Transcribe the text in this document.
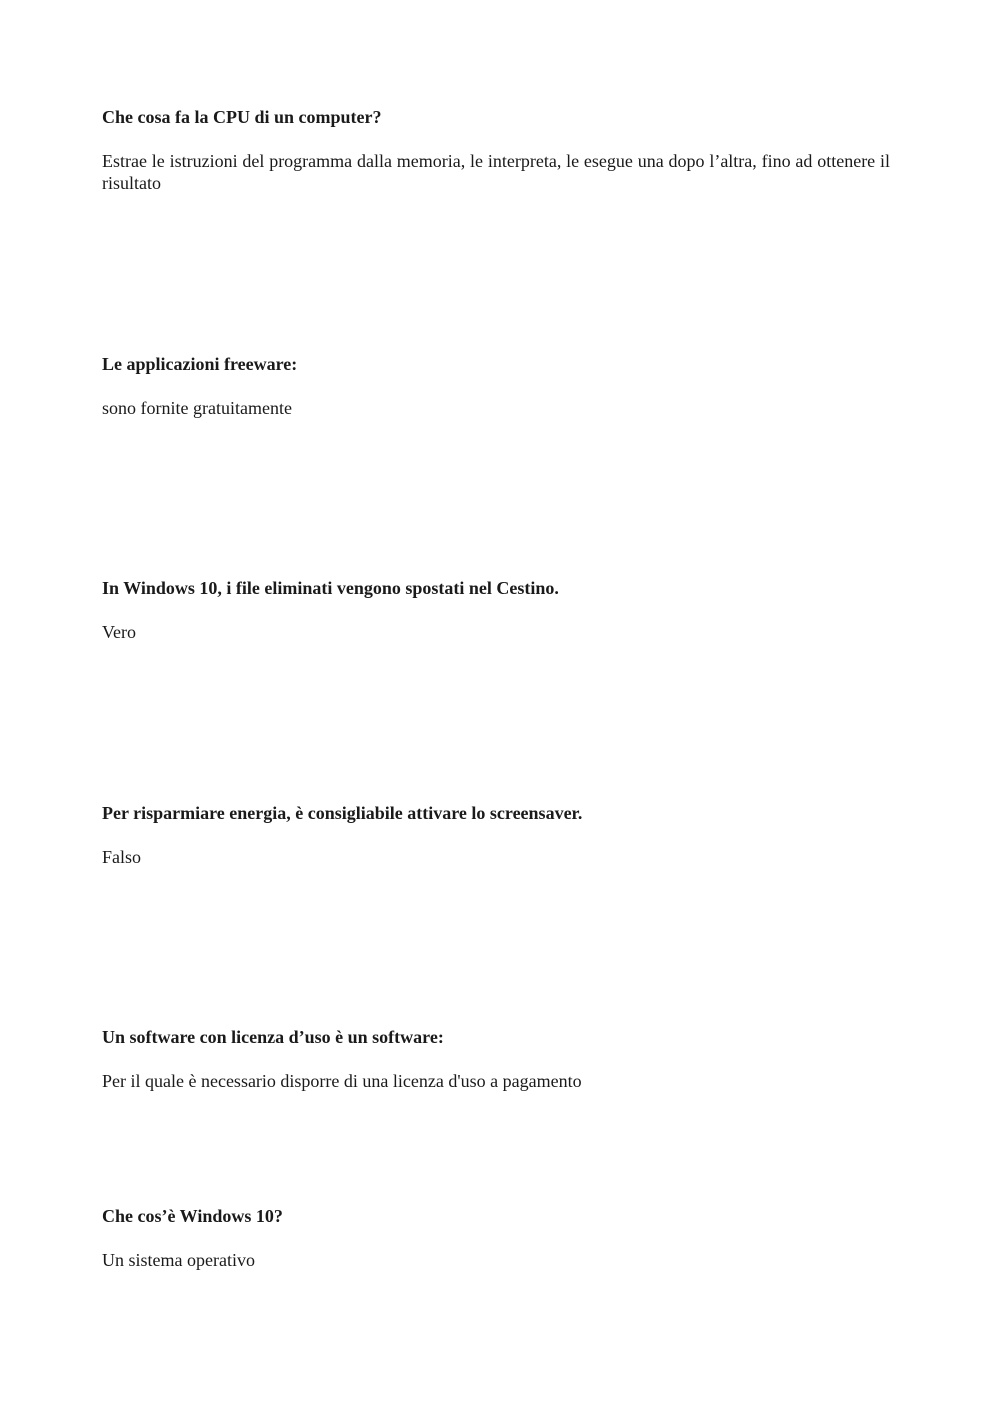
Che cosa fa la CPU di un computer?

Estrae le istruzioni del programma dalla memoria, le interpreta, le esegue una dopo l’altra, fino ad ottenere il risultato

Le applicazioni freeware:

sono fornite gratuitamente

In Windows 10, i file eliminati vengono spostati nel Cestino.

Vero

Per risparmiare energia, è consigliabile attivare lo screensaver.

Falso

Un software con licenza d’uso è un software:

Per il quale è necessario disporre di una licenza d'uso a pagamento

Che cos’è Windows 10?

Un sistema operativo
